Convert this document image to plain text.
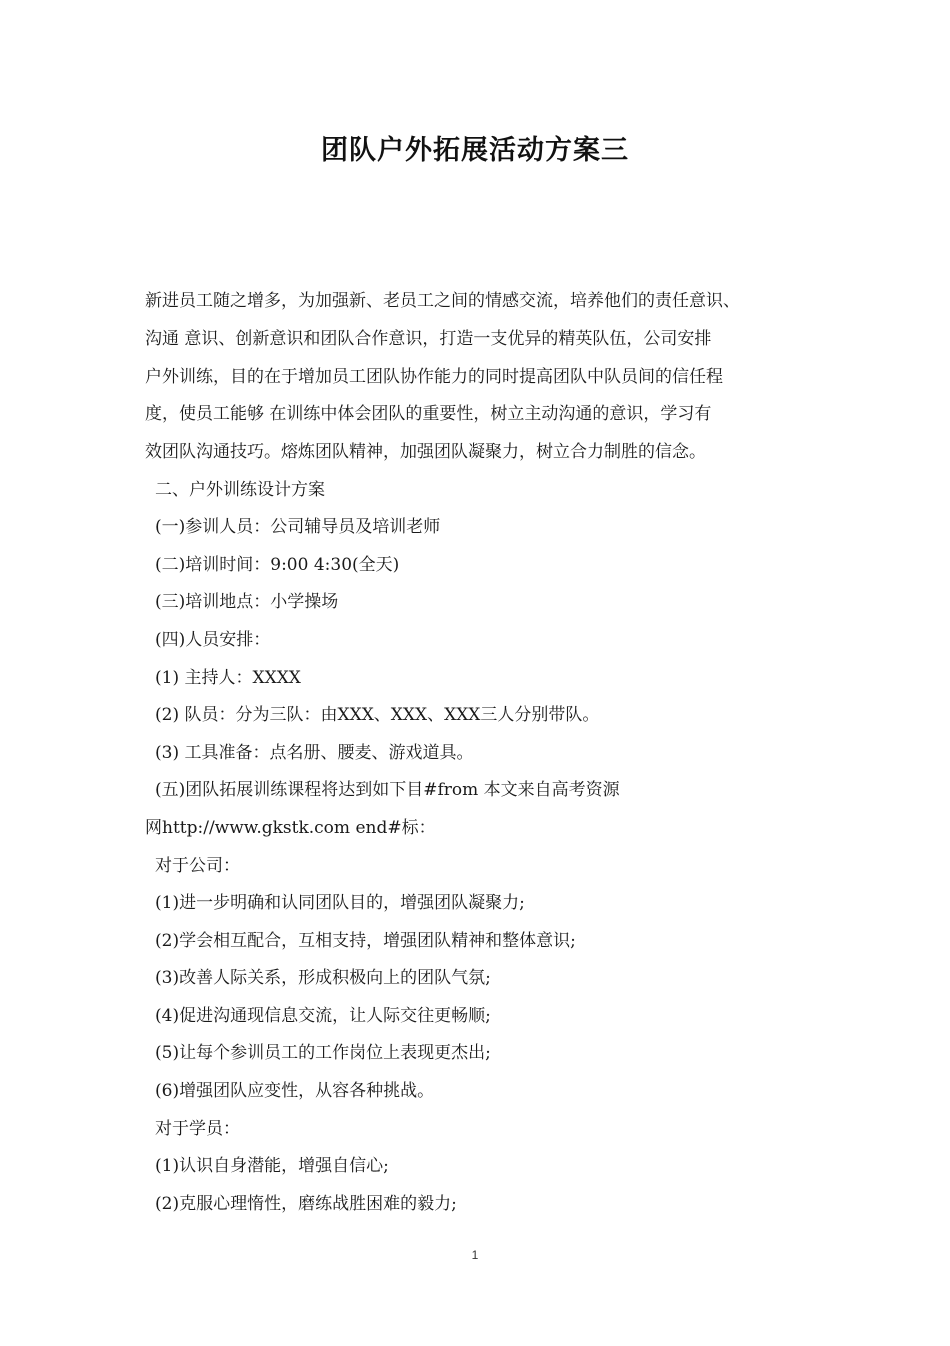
团队户外拓展活动方案三
新进员工随之增多，为加强新、老员工之间的情感交流，培养他们的责任意识、
沟通 意识、创新意识和团队合作意识，打造一支优异的精英队伍，公司安排
户外训练，目的在于增加员工团队协作能力的同时提高团队中队员间的信任程
度，使员工能够 在训练中体会团队的重要性，树立主动沟通的意识，学习有
效团队沟通技巧。熔炼团队精神，加强团队凝聚力，树立合力制胜的信念。
二、户外训练设计方案
(一)参训人员：公司辅导员及培训老师
(二)培训时间：9:00 4:30(全天)
(三)培训地点：小学操场
(四)人员安排：
(1) 主持人：XXXX
(2) 队员：分为三队：由XXX、XXX、XXX三人分别带队。
(3) 工具准备：点名册、腰麦、游戏道具。
(五)团队拓展训练课程将达到如下目#from 本文来自高考资源
网http://www.gkstk.com end#标：
对于公司：
(1)进一步明确和认同团队目的，增强团队凝聚力;
(2)学会相互配合，互相支持，增强团队精神和整体意识;
(3)改善人际关系，形成积极向上的团队气氛;
(4)促进沟通现信息交流，让人际交往更畅顺;
(5)让每个参训员工的工作岗位上表现更杰出;
(6)增强团队应变性，从容各种挑战。
对于学员：
(1)认识自身潜能，增强自信心;
(2)克服心理惰性，磨练战胜困难的毅力;
1
